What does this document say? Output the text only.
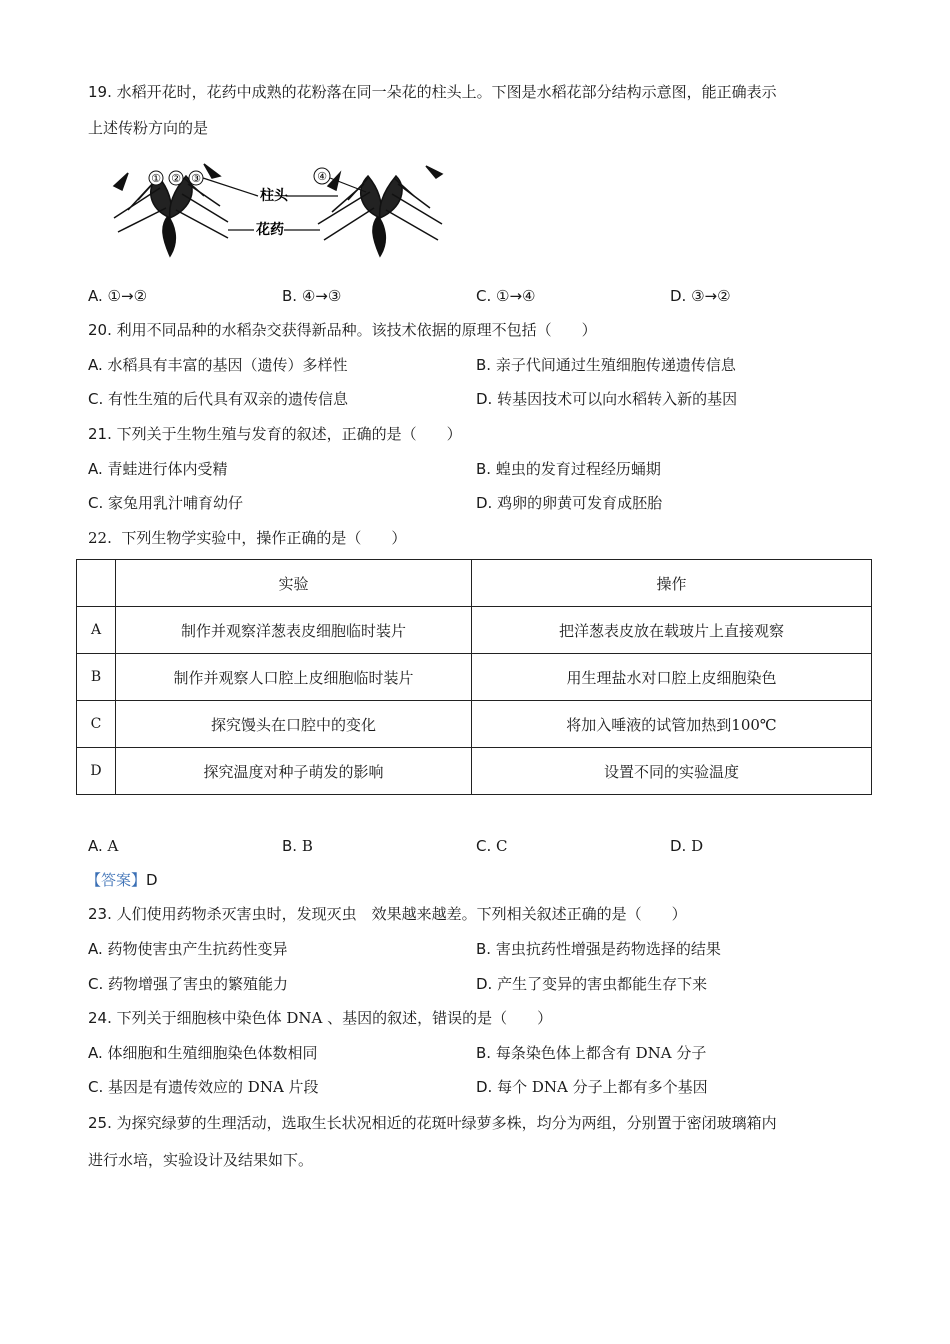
19. 水稻开花时，花药中成熟的花粉落在同一朵花的柱头上。下图是水稻花部分结构示意图，能正确表示
上述传粉方向的是
① ② ③
柱头
花药
④
A. ①→②	B. ④→③	C. ①→④	D. ③→②
20. 利用不同品种的水稻杂交获得新品种。该技术依据的原理不包括（　　）
A. 水稻具有丰富的基因（遗传）多样性	B. 亲子代间通过生殖细胞传递遗传信息
C. 有性生殖的后代具有双亲的遗传信息	D. 转基因技术可以向水稻转入新的基因
21. 下列关于生物生殖与发育的叙述，正确的是（　　）
A. 青蛙进行体内受精	B. 蝗虫的发育过程经历蛹期
C. 家兔用乳汁哺育幼仔	D. 鸡卵的卵黄可发育成胚胎
22. 下列生物学实验中，操作正确的是（　　）
	实验	操作
A	制作并观察洋葱表皮细胞临时装片	把洋葱表皮放在载玻片上直接观察
B	制作并观察人口腔上皮细胞临时装片	用生理盐水对口腔上皮细胞染色
C	探究馒头在口腔中的变化	将加入唾液的试管加热到100℃
D	探究温度对种子萌发的影响	设置不同的实验温度
A. A	B. B	C. C	D. D
【答案】D
23. 人们使用药物杀灭害虫时，发现灭虫　效果越来越差。下列相关叙述正确的是（　　）
A. 药物使害虫产生抗药性变异	B. 害虫抗药性增强是药物选择的结果
C. 药物增强了害虫的繁殖能力	D. 产生了变异的害虫都能生存下来
24. 下列关于细胞核中染色体 DNA 、基因的叙述，错误的是（　　）
A. 体细胞和生殖细胞染色体数相同	B. 每条染色体上都含有 DNA 分子
C. 基因是有遗传效应的 DNA 片段	D. 每个 DNA 分子上都有多个基因
25. 为探究绿萝的生理活动，选取生长状况相近的花斑叶绿萝多株，均分为两组，分别置于密闭玻璃箱内
进行水培，实验设计及结果如下。
